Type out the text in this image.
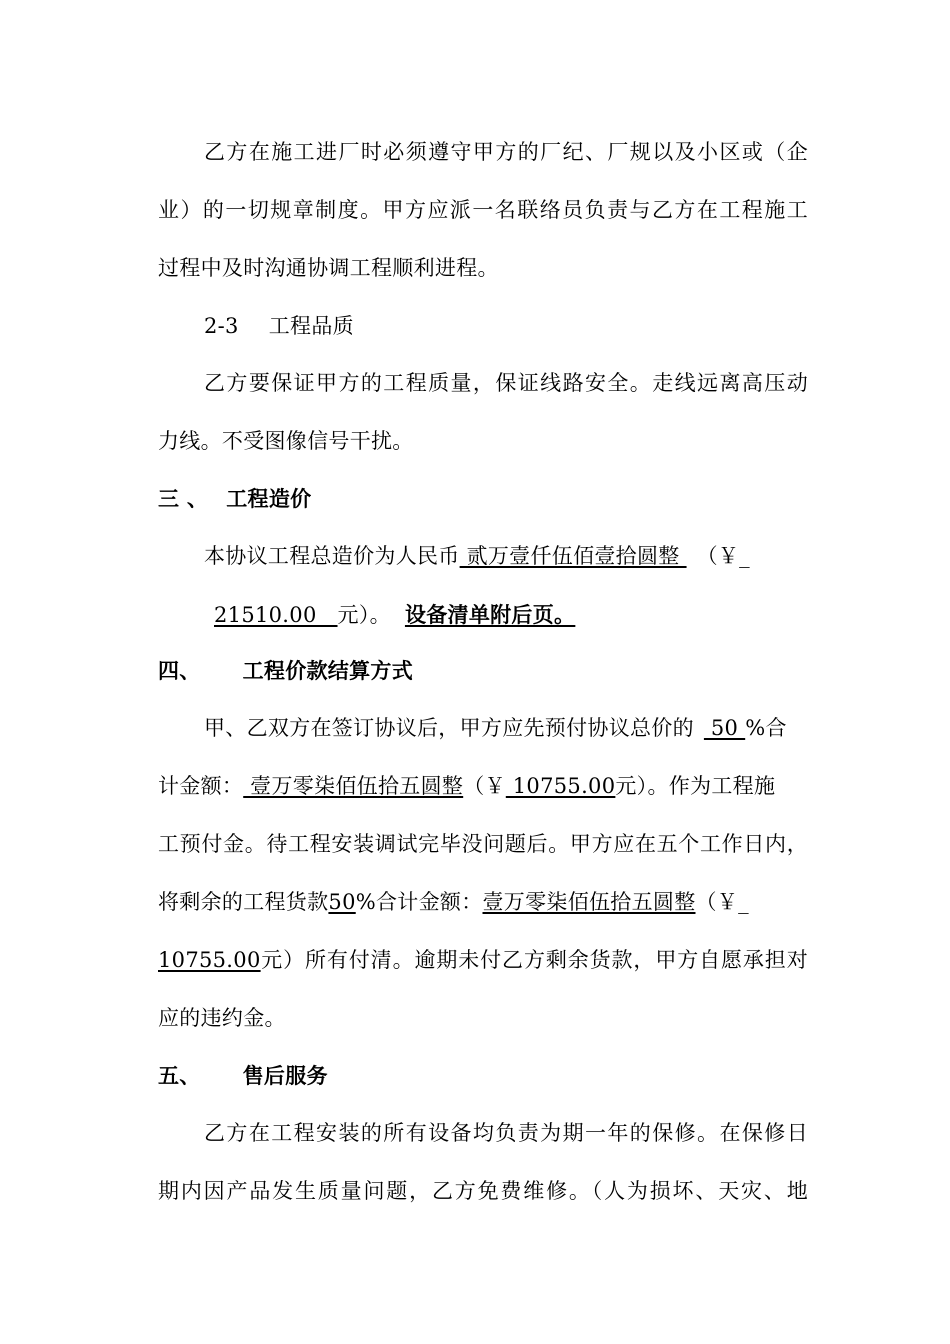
乙方在施工进厂时必须遵守甲方的厂纪、厂规以及小区或（企
业）的一切规章制度。甲方应派一名联络员负责与乙方在工程施工
过程中及时沟通协调工程顺利进程。
2-3 工程品质
乙方要保证甲方的工程质量，保证线路安全。走线远离高压动
力线。不受图像信号干扰。
三 、 工程造价
本协议工程总造价为人民币 贰万壹仟伍佰壹拾圆整 （￥_
21510.00   元）。 设备清单附后页。
四、 工程价款结算方式
甲、乙双方在签订协议后，甲方应先预付协议总价的 50 %合
计金额： 壹万零柒佰伍拾五圆整（￥ 10755.00元）。作为工程施
工预付金。待工程安装调试完毕没问题后。甲方应在五个工作日内，
将剩余的工程货款50%合计金额：壹万零柒佰伍拾五圆整（￥_
10755.00元）所有付清。逾期未付乙方剩余货款，甲方自愿承担对
应的违约金。
五、 售后服务
乙方在工程安装的所有设备均负责为期一年的保修。在保修日
期内因产品发生质量问题，乙方免费维修。（人为损坏、天灾、地
